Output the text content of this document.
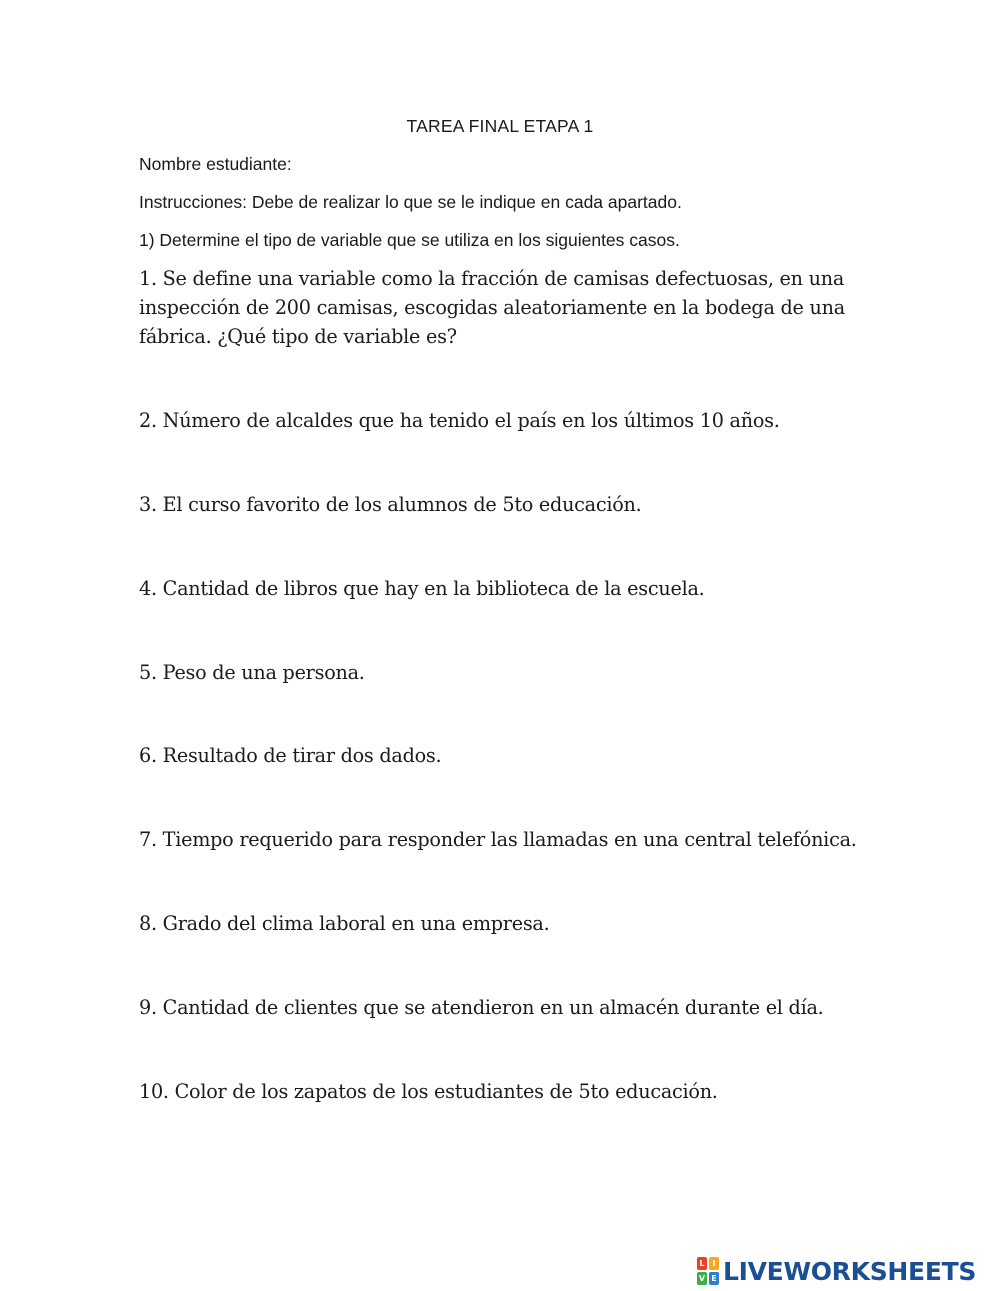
TAREA FINAL ETAPA 1
Nombre estudiante:
Instrucciones: Debe de realizar lo que se le indique en cada apartado.
1) Determine el tipo de variable que se utiliza en los siguientes casos.
1. Se define una variable como la fracción de camisas defectuosas, en una inspección de 200 camisas, escogidas aleatoriamente en la bodega de una fábrica. ¿Qué tipo de variable es?
2. Número de alcaldes que ha tenido el país en los últimos 10 años.
3. El curso favorito de los alumnos de 5to educación.
4. Cantidad de libros que hay en la biblioteca de la escuela.
5. Peso de una persona.
6. Resultado de tirar dos dados.
7. Tiempo requerido para responder las llamadas en una central telefónica.
8. Grado del clima laboral en una empresa.
9. Cantidad de clientes que se atendieron en un almacén durante el día.
10. Color de los zapatos de los estudiantes de 5to educación.
L I
V E LIVEWORKSHEETS
